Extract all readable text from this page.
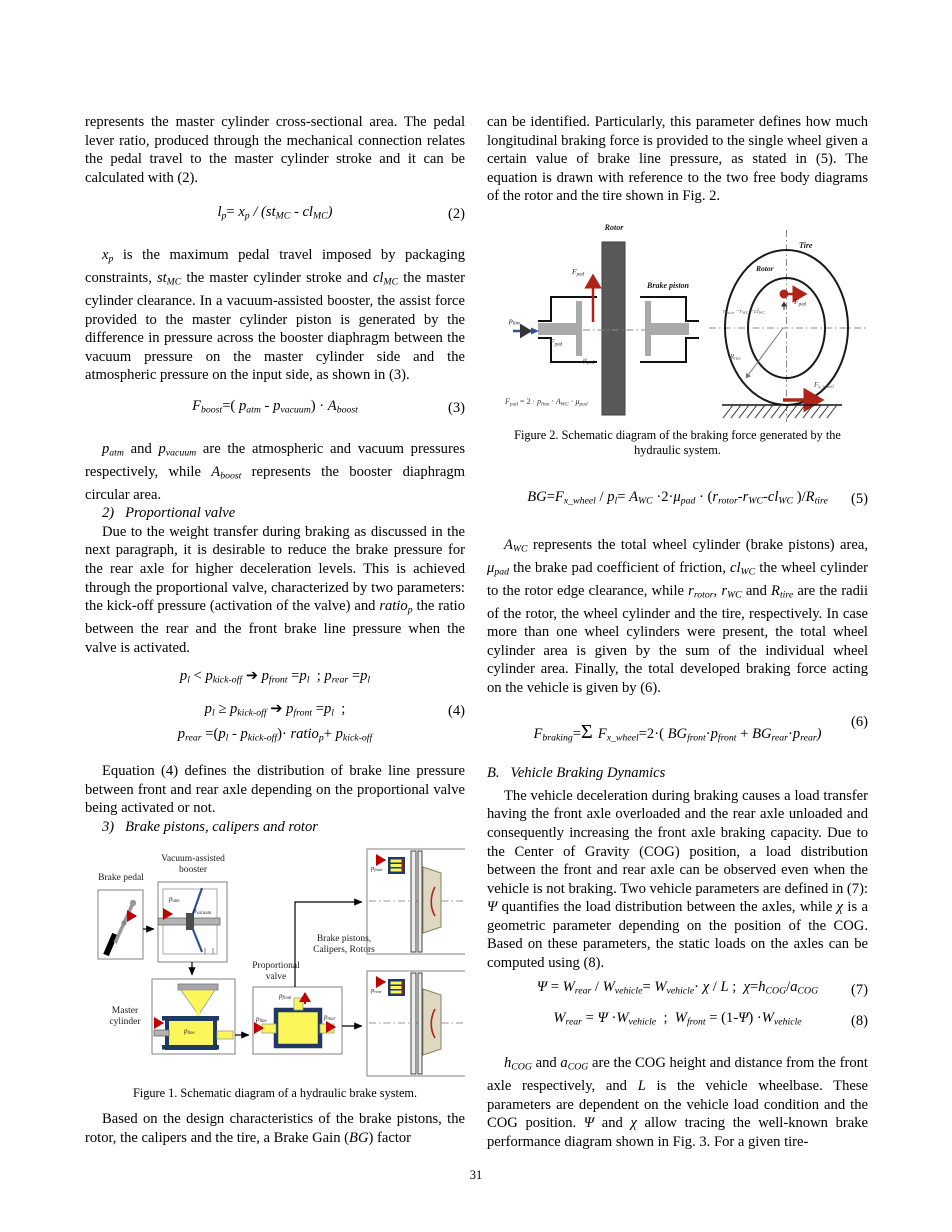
represents the master cylinder cross-sectional area. The pedal lever ratio, produced through the mechanical connection relates the pedal travel to the master cylinder stroke and it can be calculated with (2).

lp= xp / (stMC - clMC)	(2)

xp is the maximum pedal travel imposed by packaging constraints, stMC the master cylinder stroke and clMC the master cylinder clearance. In a vacuum-assisted booster, the assist force provided to the master cylinder piston is generated by the difference in pressure across the booster diaphragm between the vacuum pressure on the master cylinder side and the atmospheric pressure on the input side, as shown in (3).

Fboost=( patm - pvacuum) · Aboost	(3)

patm and pvacuum are the atmospheric and vacuum pressures respectively, while Aboost represents the booster diaphragm circular area.

2) Proportional valve

Due to the weight transfer during braking as discussed in the next paragraph, it is desirable to reduce the brake pressure for the rear axle for higher deceleration levels. This is achieved through the proportional valve, characterized by two parameters: the kick-off pressure (activation of the valve) and ratiop the ratio between the rear and the front brake line pressure when the valve is activated.

pl < pkick-off ➔ pfront =pl  ; prear =pl
pl ≥ pkick-off ➔ pfront =pl  ;	(4)
prear =(pl - pkick-off)· ratiop+ pkick-off

Equation (4) defines the distribution of brake line pressure between front and rear axle depending on the proportional valve being activated or not.

3) Brake pistons, calipers and rotor
Brake pedal
Vacuum-assisted booster
patm
pvacuum
Master cylinder
pline
Proportional valve
pline
pfront
prear
Brake pistons, Calipers, Rotors
pfront
prear
Figure 1. Schematic diagram of a hydraulic brake system.

Based on the design characteristics of the brake pistons, the rotor, the calipers and the tire, a Brake Gain (BG) factor

can be identified. Particularly, this parameter defines how much longitudinal braking force is provided to the single wheel given a certain value of brake line pressure, as stated in (5). The equation is drawn with reference to the two free body diagrams of the rotor and the tire shown in Fig. 2.

Rotor
Brake piston
Fpad
pline
Fpad
μpad
Fpad = 2 · pline · AWC · μpad
Tire
Rotor
Fpad
rrotor −rWC −clWC
Rtire
Fx_wheel
Figure 2. Schematic diagram of the braking force generated by the hydraulic system.
BG=Fx_wheel / pl= AWC ·2·μpad · (rrotor-rWC-clWC )/Rtire	(5)

AWC represents the total wheel cylinder (brake pistons) area, μpad the brake pad coefficient of friction, clWC the wheel cylinder to the rotor edge clearance, while rrotor, rWC and Rtire are the radii of the rotor, the wheel cylinder and the tire, respectively. In case more than one wheel cylinders were present, the total wheel cylinder area is given by the sum of the individual wheel cylinder area. Finally, the total developed braking force acting on the vehicle is given by (6).

Fbraking=Σ Fx_wheel=2·( BGfront·pfront + BGrear·prear)
(6)
B. Vehicle Braking Dynamics

The vehicle deceleration during braking causes a load transfer having the front axle overloaded and the rear axle unloaded and consequently increasing the front axle braking capacity. Due to the Center of Gravity (COG) position, a load distribution between the front and rear axle can be observed even when the vehicle is not braking. Two vehicle parameters are defined in (7): Ψ quantifies the load distribution between the axles, while χ is a geometric parameter depending on the position of the COG. Based on these parameters, the static loads on the axles can be computed using (8).

Ψ = Wrear / Wvehicle= Wvehicle· χ / L ;  χ=hCOG/aCOG	(7)
Wrear = Ψ ·Wvehicle  ;  Wfront = (1-Ψ) ·Wvehicle	(8)

hCOG and aCOG are the COG height and distance from the front axle respectively, and L is the vehicle wheelbase. These parameters are dependent on the vehicle load condition and the COG position. Ψ and χ allow tracing the well-known brake performance diagram shown in Fig. 3. For a given tire-

31
